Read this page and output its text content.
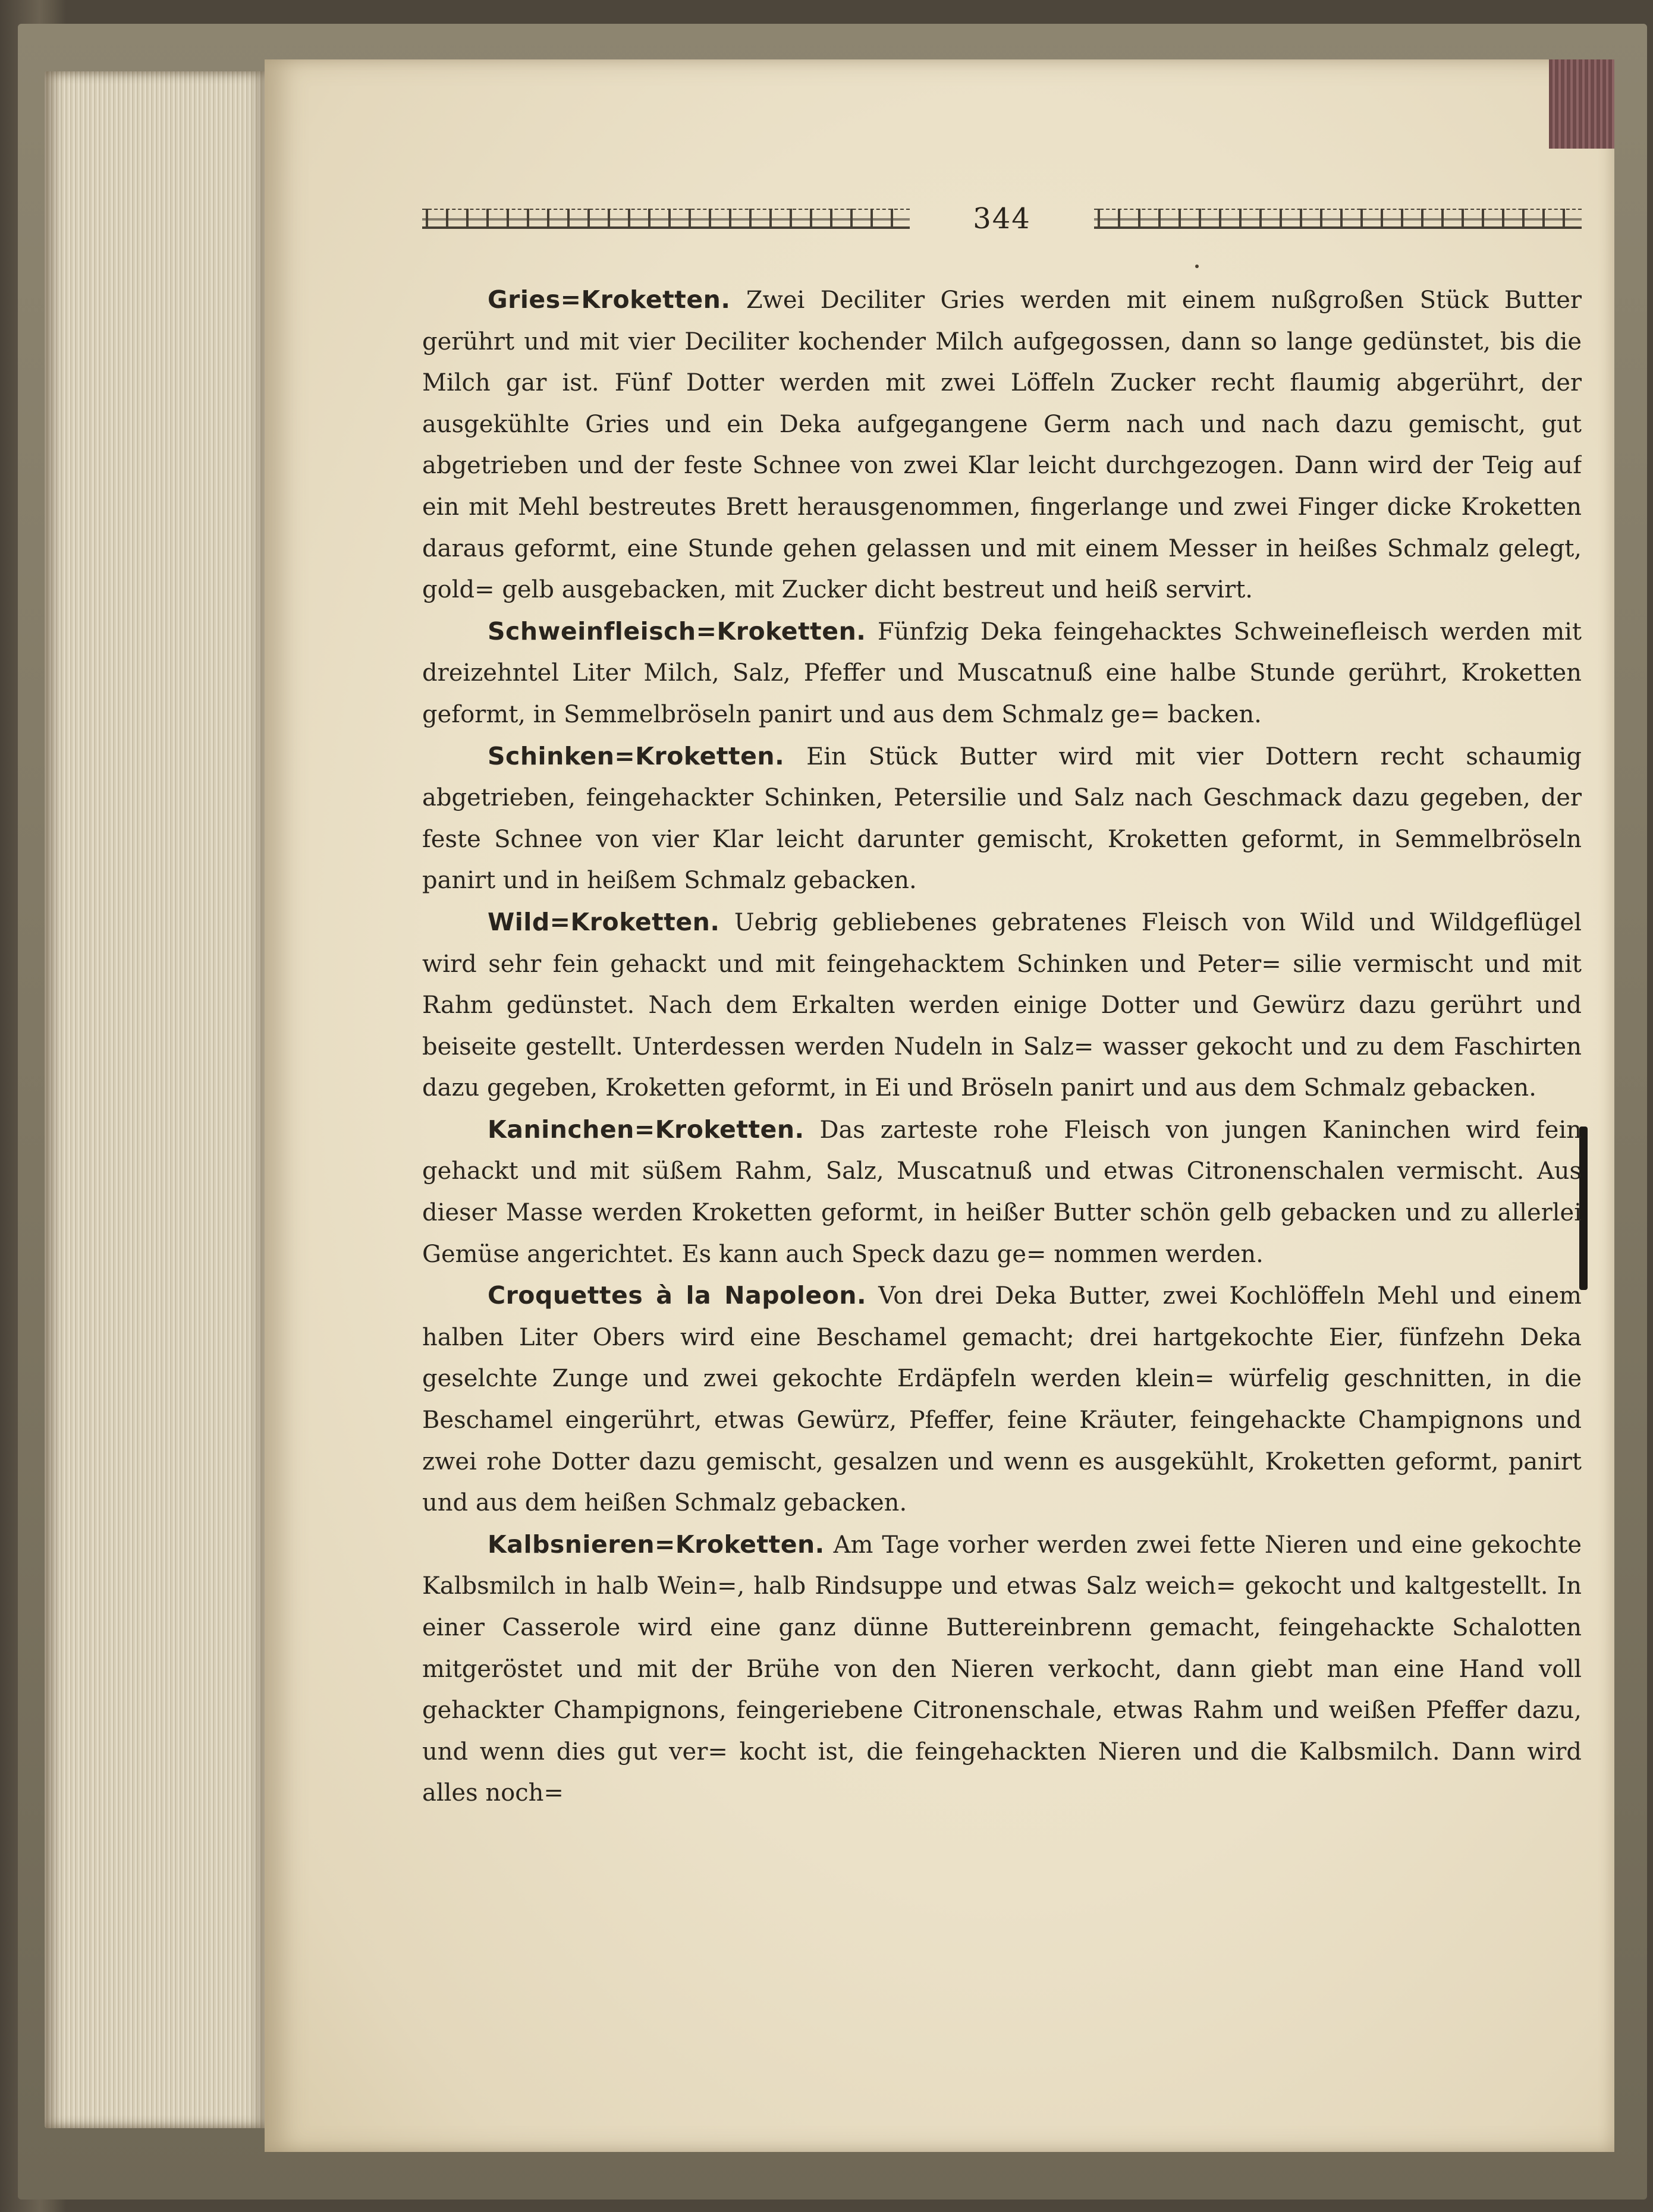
344

Gries=Kroketten. Zwei Deciliter Gries werden mit einem nußgroßen Stück Butter gerührt und mit vier Deciliter kochender Milch aufgegossen, dann so lange gedünstet, bis die Milch gar ist. Fünf Dotter werden mit zwei Löffeln Zucker recht flaumig abgerührt, der ausgekühlte Gries und ein Deka aufgegangene Germ nach und nach dazu gemischt, gut abgetrieben und der feste Schnee von zwei Klar leicht durchgezogen. Dann wird der Teig auf ein mit Mehl bestreutes Brett herausgenommen, fingerlange und zwei Finger dicke Kroketten daraus geformt, eine Stunde gehen gelassen und mit einem Messer in heißes Schmalz gelegt, gold= gelb ausgebacken, mit Zucker dicht bestreut und heiß servirt.

Schweinfleisch=Kroketten. Fünfzig Deka feingehacktes Schweinefleisch werden mit dreizehntel Liter Milch, Salz, Pfeffer und Muscatnuß eine halbe Stunde gerührt, Kroketten geformt, in Semmelbröseln panirt und aus dem Schmalz ge= backen.

Schinken=Kroketten. Ein Stück Butter wird mit vier Dottern recht schaumig abgetrieben, feingehackter Schinken, Petersilie und Salz nach Geschmack dazu gegeben, der feste Schnee von vier Klar leicht darunter gemischt, Kroketten geformt, in Semmelbröseln panirt und in heißem Schmalz gebacken.

Wild=Kroketten. Uebrig gebliebenes gebratenes Fleisch von Wild und Wildgeflügel wird sehr fein gehackt und mit feingehacktem Schinken und Peter= silie vermischt und mit Rahm gedünstet. Nach dem Erkalten werden einige Dotter und Gewürz dazu gerührt und beiseite gestellt. Unterdessen werden Nudeln in Salz= wasser gekocht und zu dem Faschirten dazu gegeben, Kroketten geformt, in Ei und Bröseln panirt und aus dem Schmalz gebacken.

Kaninchen=Kroketten. Das zarteste rohe Fleisch von jungen Kaninchen wird fein gehackt und mit süßem Rahm, Salz, Muscatnuß und etwas Citronenschalen vermischt. Aus dieser Masse werden Kroketten geformt, in heißer Butter schön gelb gebacken und zu allerlei Gemüse angerichtet. Es kann auch Speck dazu ge= nommen werden.

Croquettes à la Napoleon. Von drei Deka Butter, zwei Kochlöffeln Mehl und einem halben Liter Obers wird eine Beschamel gemacht; drei hartgekochte Eier, fünfzehn Deka geselchte Zunge und zwei gekochte Erdäpfeln werden klein= würfelig geschnitten, in die Beschamel eingerührt, etwas Gewürz, Pfeffer, feine Kräuter, feingehackte Champignons und zwei rohe Dotter dazu gemischt, gesalzen und wenn es ausgekühlt, Kroketten geformt, panirt und aus dem heißen Schmalz gebacken.

Kalbsnieren=Kroketten. Am Tage vorher werden zwei fette Nieren und eine gekochte Kalbsmilch in halb Wein=, halb Rindsuppe und etwas Salz weich= gekocht und kaltgestellt. In einer Casserole wird eine ganz dünne Buttereinbrenn gemacht, feingehackte Schalotten mitgeröstet und mit der Brühe von den Nieren verkocht, dann giebt man eine Hand voll gehackter Champignons, feingeriebene Citronenschale, etwas Rahm und weißen Pfeffer dazu, und wenn dies gut ver= kocht ist, die feingehackten Nieren und die Kalbsmilch. Dann wird alles noch=
